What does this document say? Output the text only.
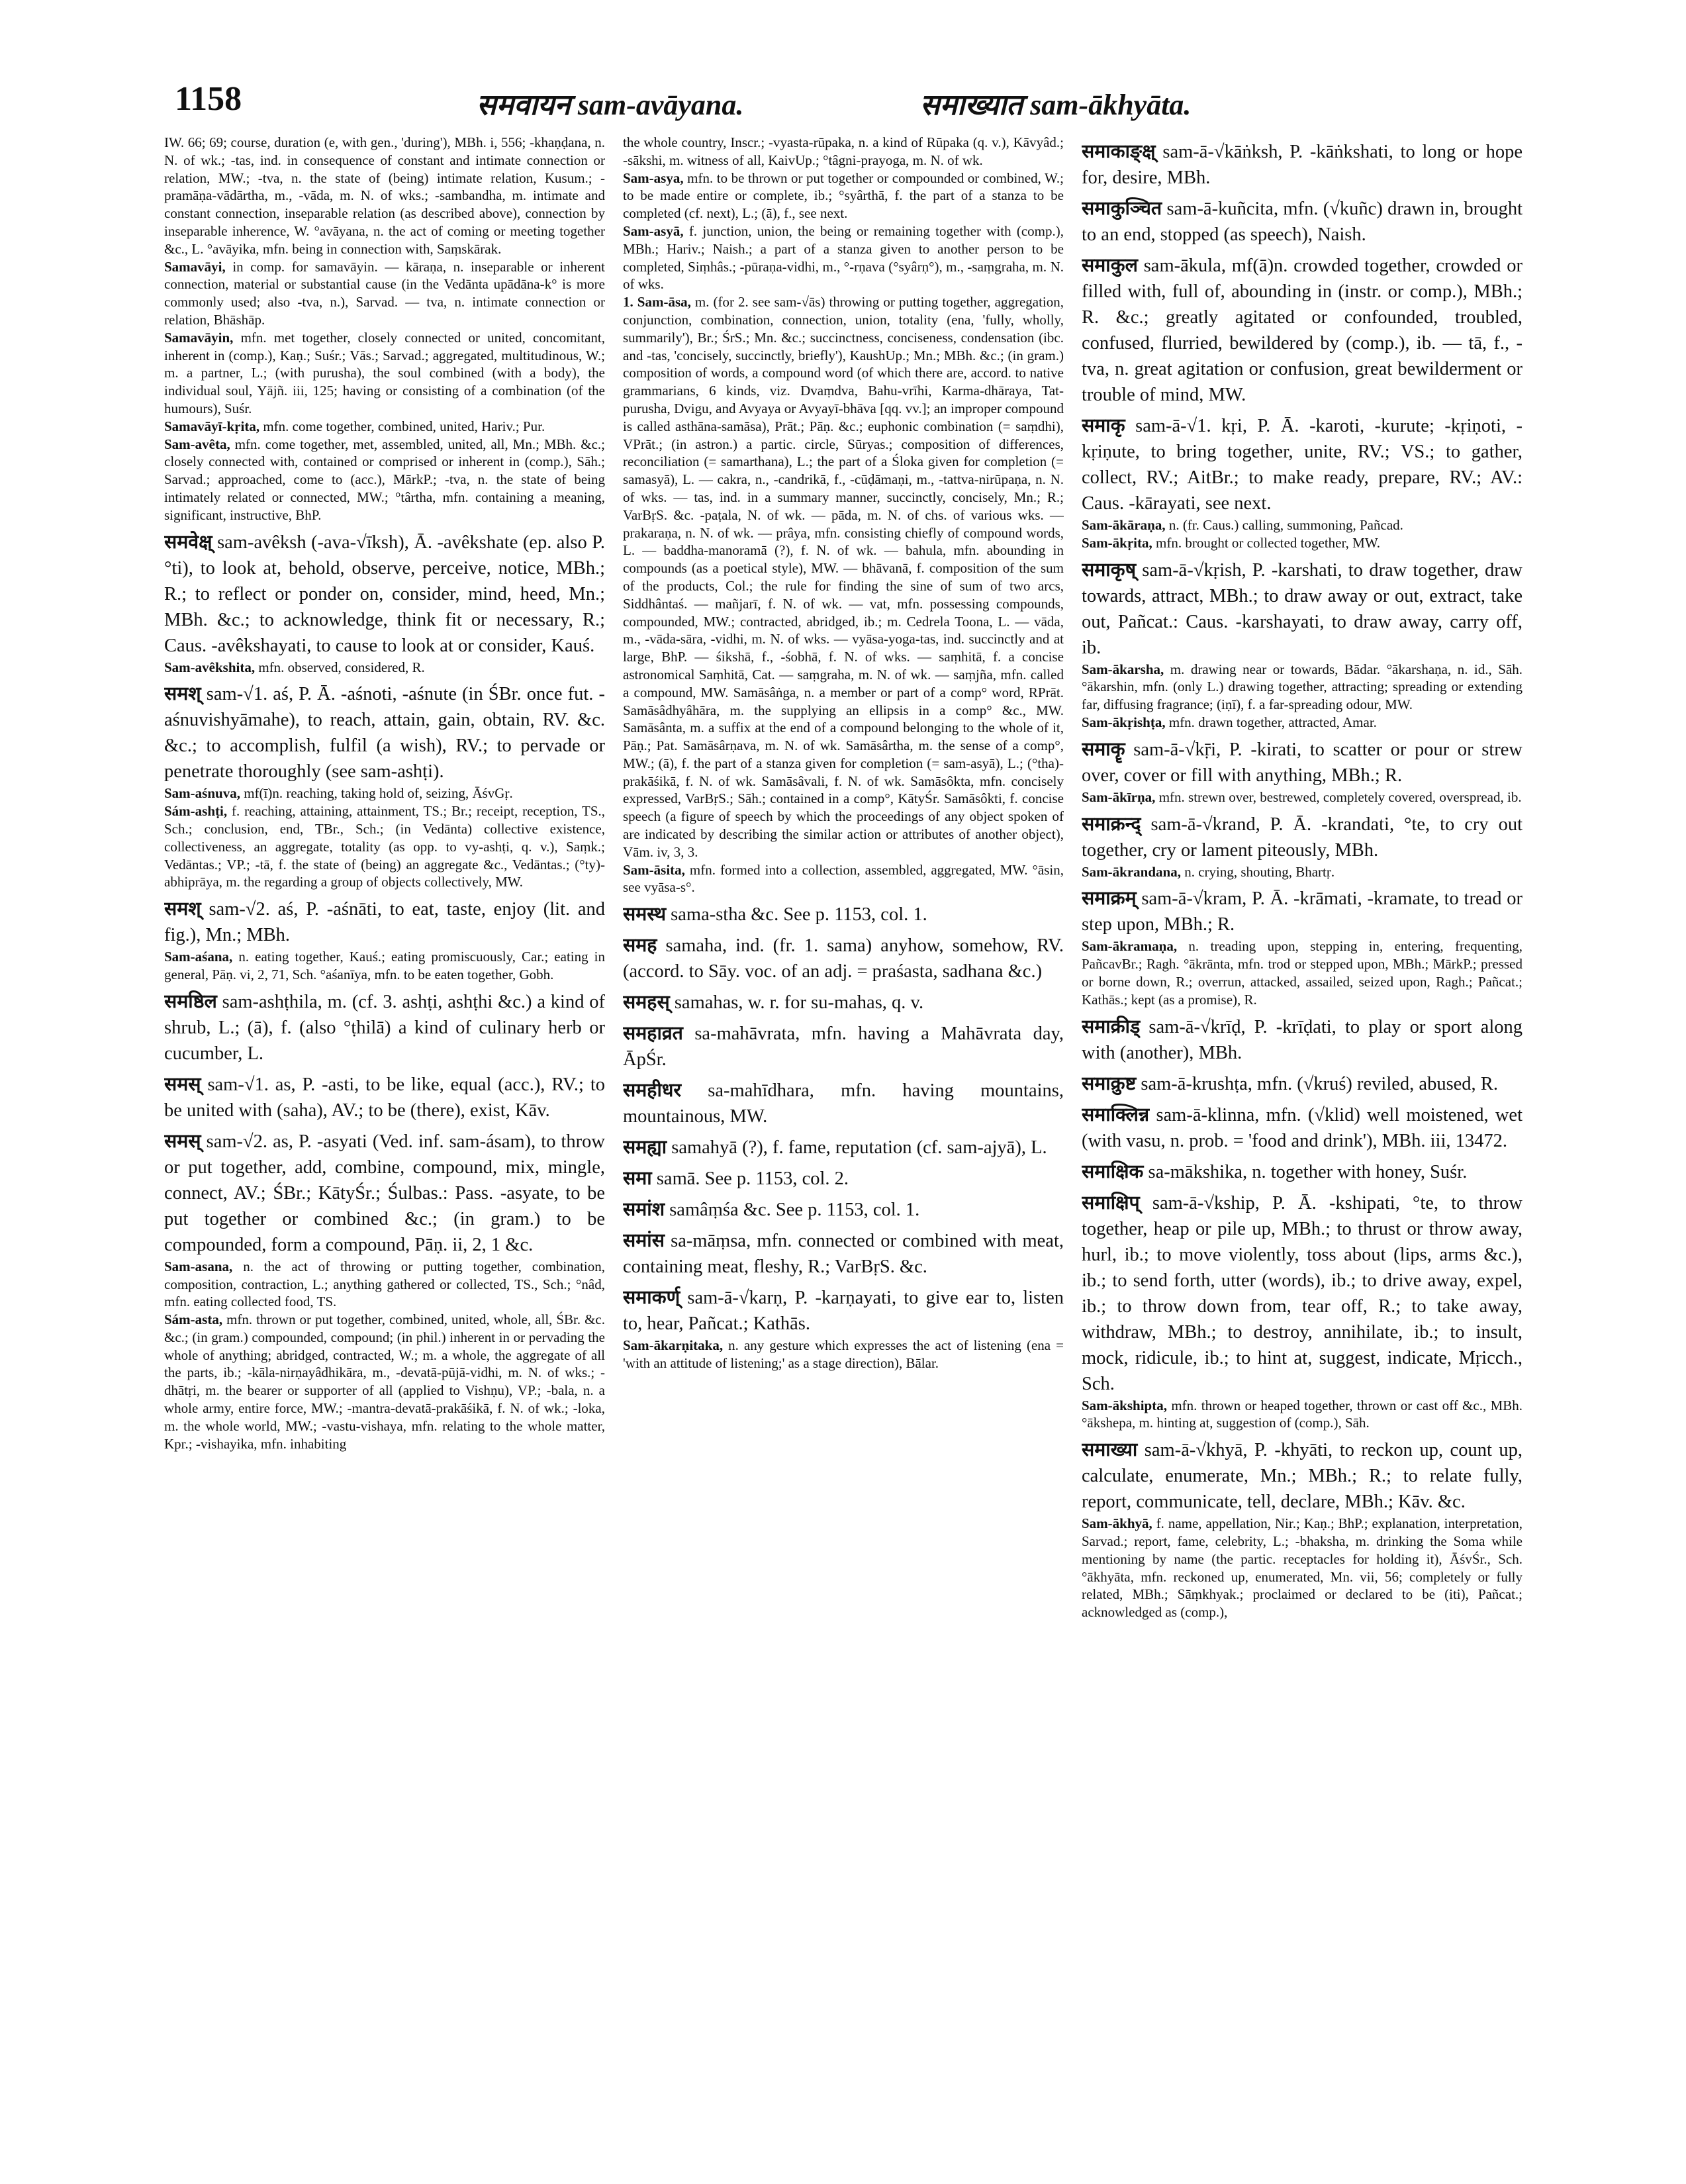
1158	समवायन sam-avāyana.	समाख्यात sam-ākhyāta.

IW. 66; 69; course, duration (e, with gen., 'during'), MBh. i, 556; -khaṇḍana, n. N. of wk.; -tas, ind. in consequence of constant and intimate connection or relation, MW.; -tva, n. the state of (being) intimate relation, Kusum.; -pramāṇa-vādārtha, m., -vāda, m. N. of wks.; -sambandha, m. intimate and constant connection, inseparable relation (as described above), connection by inseparable inherence, W. °avāyana, n. the act of coming or meeting together &c., L. °avāyika, mfn. being in connection with, Saṃskārak.

Samavāyi, in comp. for samavāyin. — kāraṇa, n. inseparable or inherent connection, material or substantial cause (in the Vedānta upādāna-k° is more commonly used; also -tva, n.), Sarvad. — tva, n. intimate connection or relation, Bhāshāp.

Samavāyin, mfn. met together, closely connected or united, concomitant, inherent in (comp.), Kaṇ.; Suśr.; Vās.; Sarvad.; aggregated, multitudinous, W.; m. a partner, L.; (with purusha), the soul combined (with a body), the individual soul, Yājñ. iii, 125; having or consisting of a combination (of the humours), Suśr.

Samavāyī-kṛita, mfn. come together, combined, united, Hariv.; Pur.

Sam-avêta, mfn. come together, met, assembled, united, all, Mn.; MBh. &c.; closely connected with, contained or comprised or inherent in (comp.), Sāh.; Sarvad.; approached, come to (acc.), MārkP.; -tva, n. the state of being intimately related or connected, MW.; °târtha, mfn. containing a meaning, significant, instructive, BhP.

समवेक्ष् sam-avêksh (-ava-√īksh), Ā. -avêkshate (ep. also P. °ti), to look at, behold, observe, perceive, notice, MBh.; R.; to reflect or ponder on, consider, mind, heed, Mn.; MBh. &c.; to acknowledge, think fit or necessary, R.; Caus. -avêkshayati, to cause to look at or consider, Kauś.

Sam-avêkshita, mfn. observed, considered, R.

समश् sam-√1. aś, P. Ā. -aśnoti, -aśnute (in ŚBr. once fut. -aśnuvishyāmahe), to reach, attain, gain, obtain, RV. &c. &c.; to accomplish, fulfil (a wish), RV.; to pervade or penetrate thoroughly (see sam-ashṭi).

Sam-aśnuva, mf(ī)n. reaching, taking hold of, seizing, ĀśvGṛ.

Sám-ashṭi, f. reaching, attaining, attainment, TS.; Br.; receipt, reception, TS., Sch.; conclusion, end, TBr., Sch.; (in Vedānta) collective existence, collectiveness, an aggregate, totality (as opp. to vy-ashṭi, q. v.), Saṃk.; Vedāntas.; VP.; -tā, f. the state of (being) an aggregate &c., Vedāntas.; (°ty)-abhiprāya, m. the regarding a group of objects collectively, MW.

समश् sam-√2. aś, P. -aśnāti, to eat, taste, enjoy (lit. and fig.), Mn.; MBh.

Sam-aśana, n. eating together, Kauś.; eating promiscuously, Car.; eating in general, Pāṇ. vi, 2, 71, Sch. °aśanīya, mfn. to be eaten together, Gobh.

समष्ठिल sam-ashṭhila, m. (cf. 3. ashṭi, ashṭhi &c.) a kind of shrub, L.; (ā), f. (also °ṭhilā) a kind of culinary herb or cucumber, L.

समस् sam-√1. as, P. -asti, to be like, equal (acc.), RV.; to be united with (saha), AV.; to be (there), exist, Kāv.

समस् sam-√2. as, P. -asyati (Ved. inf. sam-ásam), to throw or put together, add, combine, compound, mix, mingle, connect, AV.; ŚBr.; KātyŚr.; Śulbas.: Pass. -asyate, to be put together or combined &c.; (in gram.) to be compounded, form a compound, Pāṇ. ii, 2, 1 &c.

Sam-asana, n. the act of throwing or putting together, combination, composition, contraction, L.; anything gathered or collected, TS., Sch.; °nâd, mfn. eating collected food, TS.

Sám-asta, mfn. thrown or put together, combined, united, whole, all, ŚBr. &c. &c.; (in gram.) compounded, compound; (in phil.) inherent in or pervading the whole of anything; abridged, contracted, W.; m. a whole, the aggregate of all the parts, ib.; -kāla-nirṇayâdhikāra, m., -devatā-pūjā-vidhi, m. N. of wks.; -dhātṛi, m. the bearer or supporter of all (applied to Vishṇu), VP.; -bala, n. a whole army, entire force, MW.; -mantra-devatā-prakāśikā, f. N. of wk.; -loka, m. the whole world, MW.; -vastu-vishaya, mfn. relating to the whole matter, Kpr.; -vishayika, mfn. inhabiting

the whole country, Inscr.; -vyasta-rūpaka, n. a kind of Rūpaka (q. v.), Kāvyâd.; -sākshi, m. witness of all, KaivUp.; °tâgni-prayoga, m. N. of wk.

Sam-asya, mfn. to be thrown or put together or compounded or combined, W.; to be made entire or complete, ib.; °syârthā, f. the part of a stanza to be completed (cf. next), L.; (ā), f., see next.

Sam-asyā, f. junction, union, the being or remaining together with (comp.), MBh.; Hariv.; Naish.; a part of a stanza given to another person to be completed, Siṃhâs.; -pūraṇa-vidhi, m., °-rṇava (°syârṇ°), m., -saṃgraha, m. N. of wks.

1. Sam-āsa, m. (for 2. see sam-√ās) throwing or putting together, aggregation, conjunction, combination, connection, union, totality (ena, 'fully, wholly, summarily'), Br.; ŚrS.; Mn. &c.; succinctness, conciseness, condensation (ibc. and -tas, 'concisely, succinctly, briefly'), KaushUp.; Mn.; MBh. &c.; (in gram.) composition of words, a compound word (of which there are, accord. to native grammarians, 6 kinds, viz. Dvaṃdva, Bahu-vrīhi, Karma-dhāraya, Tat-purusha, Dvigu, and Avyaya or Avyayī-bhāva [qq. vv.]; an improper compound is called asthāna-samāsa), Prāt.; Pāṇ. &c.; euphonic combination (= saṃdhi), VPrāt.; (in astron.) a partic. circle, Sūryas.; composition of differences, reconciliation (= samarthana), L.; the part of a Śloka given for completion (= samasyā), L. — cakra, n., -candrikā, f., -cūḍāmaṇi, m., -tattva-nirūpaṇa, n. N. of wks. — tas, ind. in a summary manner, succinctly, concisely, Mn.; R.; VarBṛS. &c. -paṭala, N. of wk. — pāda, m. N. of chs. of various wks. — prakaraṇa, n. N. of wk. — prâya, mfn. consisting chiefly of compound words, L. — baddha-manoramā (?), f. N. of wk. — bahula, mfn. abounding in compounds (as a poetical style), MW. — bhāvanā, f. composition of the sum of the products, Col.; the rule for finding the sine of sum of two arcs, Siddhântaś. — mañjarī, f. N. of wk. — vat, mfn. possessing compounds, compounded, MW.; contracted, abridged, ib.; m. Cedrela Toona, L. — vāda, m., -vāda-sāra, -vidhi, m. N. of wks. — vyāsa-yoga-tas, ind. succinctly and at large, BhP. — śikshā, f., -śobhā, f. N. of wks. — saṃhitā, f. a concise astronomical Saṃhitā, Cat. — saṃgraha, m. N. of wk. — saṃjña, mfn. called a compound, MW. Samāsâṅga, n. a member or part of a comp° word, RPrāt. Samāsâdhyâhāra, m. the supplying an ellipsis in a comp° &c., MW. Samāsânta, m. a suffix at the end of a compound belonging to the whole of it, Pāṇ.; Pat. Samāsârṇava, m. N. of wk. Samāsârtha, m. the sense of a comp°, MW.; (ā), f. the part of a stanza given for completion (= sam-asyā), L.; (°tha)-prakāśikā, f. N. of wk. Samāsâvali, f. N. of wk. Samāsôkta, mfn. concisely expressed, VarBṛS.; Sāh.; contained in a comp°, KātyŚr. Samāsôkti, f. concise speech (a figure of speech by which the proceedings of any object spoken of are indicated by describing the similar action or attributes of another object), Vām. iv, 3, 3.

Sam-āsita, mfn. formed into a collection, assembled, aggregated, MW. °āsin, see vyāsa-s°.

समस्थ sama-stha &c. See p. 1153, col. 1.

समह samaha, ind. (fr. 1. sama) anyhow, somehow, RV. (accord. to Sāy. voc. of an adj. = praśasta, sadhana &c.)

समहस् samahas, w. r. for su-mahas, q. v.

समहाव्रत sa-mahāvrata, mfn. having a Mahāvrata day, ĀpŚr.

समहीधर sa-mahīdhara, mfn. having mountains, mountainous, MW.

समह्या samahyā (?), f. fame, reputation (cf. sam-ajyā), L.

समा samā. See p. 1153, col. 2.

समांश samâṃśa &c. See p. 1153, col. 1.

समांस sa-māṃsa, mfn. connected or combined with meat, containing meat, fleshy, R.; VarBṛS. &c.

समाकर्ण् sam-ā-√karṇ, P. -karṇayati, to give ear to, listen to, hear, Pañcat.; Kathās.

Sam-ākarṇitaka, n. any gesture which expresses the act of listening (ena = 'with an attitude of listening;' as a stage direction), Bālar.

समाकाङ्क्ष् sam-ā-√kāṅksh, P. -kāṅkshati, to long or hope for, desire, MBh.

समाकुञ्चित sam-ā-kuñcita, mfn. (√kuñc) drawn in, brought to an end, stopped (as speech), Naish.

समाकुल sam-ākula, mf(ā)n. crowded together, crowded or filled with, full of, abounding in (instr. or comp.), MBh.; R. &c.; greatly agitated or confounded, troubled, confused, flurried, bewildered by (comp.), ib. — tā, f., -tva, n. great agitation or confusion, great bewilderment or trouble of mind, MW.

समाकृ sam-ā-√1. kṛi, P. Ā. -karoti, -kurute; -kṛiṇoti, -kṛiṇute, to bring together, unite, RV.; VS.; to gather, collect, RV.; AitBr.; to make ready, prepare, RV.; AV.: Caus. -kārayati, see next.

Sam-ākāraṇa, n. (fr. Caus.) calling, summoning, Pañcad.

Sam-ākṛita, mfn. brought or collected together, MW.

समाकृष् sam-ā-√kṛish, P. -karshati, to draw together, draw towards, attract, MBh.; to draw away or out, extract, take out, Pañcat.: Caus. -karshayati, to draw away, carry off, ib.

Sam-ākarsha, m. drawing near or towards, Bādar. °ākarshaṇa, n. id., Sāh. °ākarshin, mfn. (only L.) drawing together, attracting; spreading or extending far, diffusing fragrance; (iṇī), f. a far-spreading odour, MW.

Sam-ākṛishṭa, mfn. drawn together, attracted, Amar.

समाकॄ sam-ā-√kṝi, P. -kirati, to scatter or pour or strew over, cover or fill with anything, MBh.; R.

Sam-ākīrṇa, mfn. strewn over, bestrewed, completely covered, overspread, ib.

समाक्रन्द् sam-ā-√krand, P. Ā. -krandati, °te, to cry out together, cry or lament piteously, MBh.

Sam-ākrandana, n. crying, shouting, Bhartṛ.

समाक्रम् sam-ā-√kram, P. Ā. -krāmati, -kramate, to tread or step upon, MBh.; R.

Sam-ākramaṇa, n. treading upon, stepping in, entering, frequenting, PañcavBr.; Ragh. °ākrānta, mfn. trod or stepped upon, MBh.; MārkP.; pressed or borne down, R.; overrun, attacked, assailed, seized upon, Ragh.; Pañcat.; Kathās.; kept (as a promise), R.

समाक्रीड् sam-ā-√krīḍ, P. -krīḍati, to play or sport along with (another), MBh.

समाक्रुष्ट sam-ā-krushṭa, mfn. (√kruś) reviled, abused, R.

समाक्लिन्न sam-ā-klinna, mfn. (√klid) well moistened, wet (with vasu, n. prob. = 'food and drink'), MBh. iii, 13472.

समाक्षिक sa-mākshika, n. together with honey, Suśr.

समाक्षिप् sam-ā-√kship, P. Ā. -kshipati, °te, to throw together, heap or pile up, MBh.; to thrust or throw away, hurl, ib.; to move violently, toss about (lips, arms &c.), ib.; to send forth, utter (words), ib.; to drive away, expel, ib.; to throw down from, tear off, R.; to take away, withdraw, MBh.; to destroy, annihilate, ib.; to insult, mock, ridicule, ib.; to hint at, suggest, indicate, Mṛicch., Sch.

Sam-ākshipta, mfn. thrown or heaped together, thrown or cast off &c., MBh. °ākshepa, m. hinting at, suggestion of (comp.), Sāh.

समाख्या sam-ā-√khyā, P. -khyāti, to reckon up, count up, calculate, enumerate, Mn.; MBh.; R.; to relate fully, report, communicate, tell, declare, MBh.; Kāv. &c.

Sam-ākhyā, f. name, appellation, Nir.; Kaṇ.; BhP.; explanation, interpretation, Sarvad.; report, fame, celebrity, L.; -bhaksha, m. drinking the Soma while mentioning by name (the partic. receptacles for holding it), ĀśvŚr., Sch. °ākhyāta, mfn. reckoned up, enumerated, Mn. vii, 56; completely or fully related, MBh.; Sāṃkhyak.; proclaimed or declared to be (iti), Pañcat.; acknowledged as (comp.),
